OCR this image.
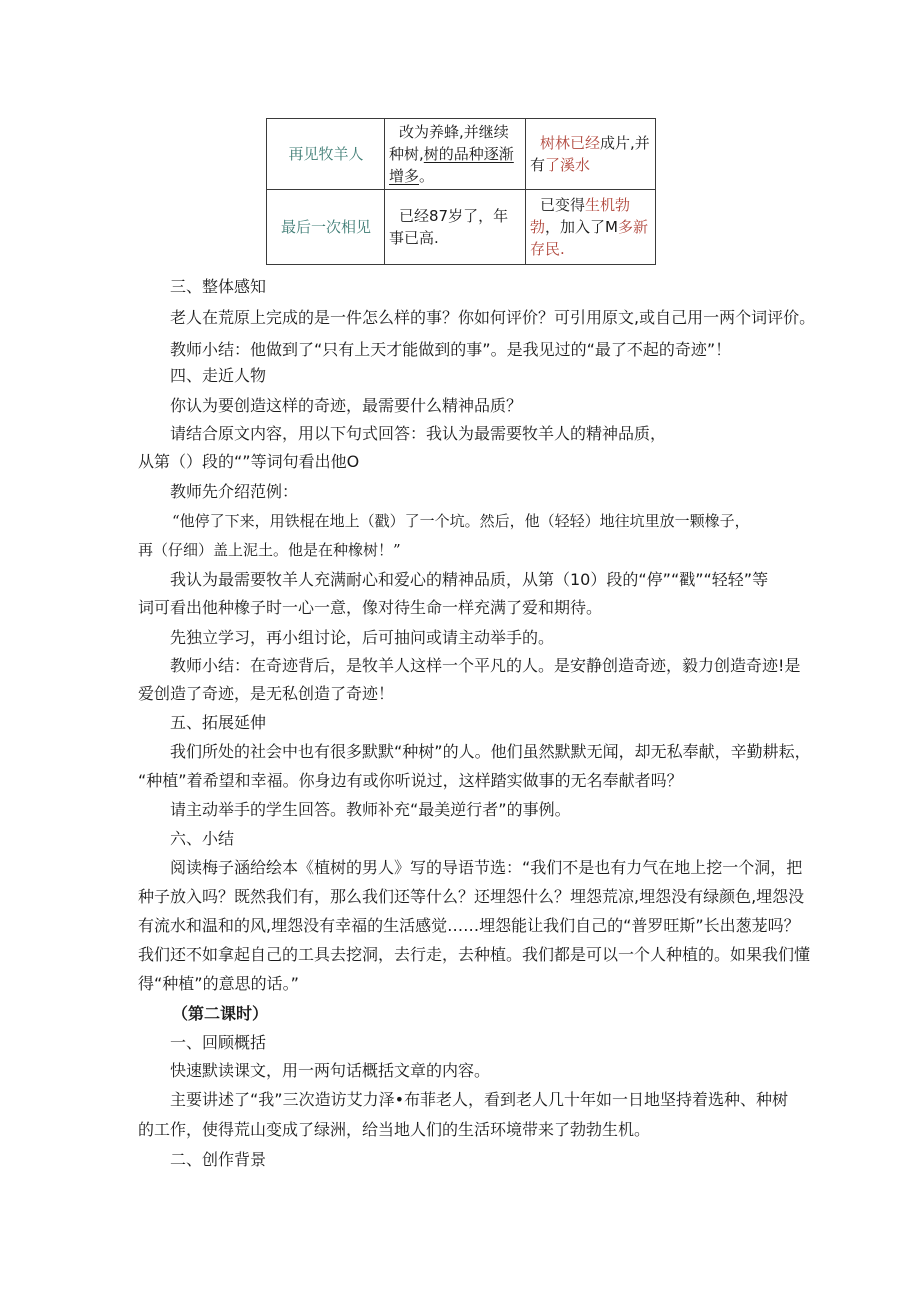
再见牧羊人	改为养蜂,并继续种树,树的品种逐渐增多。	树林已经成片,并有了溪水
最后一次相见	已经87岁了，年事已高.	已变得生机勃勃，加入了M多新存民.
三、整体感知
老人在荒原上完成的是一件怎么样的事？你如何评价？可引用原文,或自己用一两个词评价。
教师小结：他做到了“只有上天才能做到的事”。是我见过的“最了不起的奇迹”！
四、走近人物
你认为要创造这样的奇迹，最需要什么精神品质？
请结合原文内容，用以下句式回答：我认为最需要牧羊人的精神品质，
从第（）段的“”等词句看出他O
教师先介绍范例：
“他停了下来，用铁棍在地上（戳）了一个坑。然后，他（轻轻）地往坑里放一颗橡子，
再（仔细）盖上泥土。他是在种橡树！”
我认为最需要牧羊人充满耐心和爱心的精神品质，从第（10）段的“停”“戳”“轻轻”等
词可看出他种橡子时一心一意，像对待生命一样充满了爱和期待。
先独立学习，再小组讨论，后可抽问或请主动举手的。
教师小结：在奇迹背后，是牧羊人这样一个平凡的人。是安静创造奇迹，毅力创造奇迹!是
爱创造了奇迹，是无私创造了奇迹！
五、拓展延伸
我们所处的社会中也有很多默默“种树”的人。他们虽然默默无闻，却无私奉献，辛勤耕耘，
“种植”着希望和幸福。你身边有或你听说过，这样踏实做事的无名奉献者吗？
请主动举手的学生回答。教师补充“最美逆行者”的事例。
六、小结
阅读梅子涵给绘本《植树的男人》写的导语节选：“我们不是也有力气在地上挖一个洞，把
种子放入吗？既然我们有，那么我们还等什么？还埋怨什么？埋怨荒凉,埋怨没有绿颜色,埋怨没
有流水和温和的风,埋怨没有幸福的生活感觉……埋怨能让我们自己的“普罗旺斯”长出葱茏吗？
我们还不如拿起自己的工具去挖洞，去行走，去种植。我们都是可以一个人种植的。如果我们懂
得“种植”的意思的话。”
（第二课时）
一、回顾概括
快速默读课文，用一两句话概括文章的内容。
主要讲述了“我”三次造访艾力泽•布菲老人，看到老人几十年如一日地坚持着选种、种树
的工作，使得荒山变成了绿洲，给当地人们的生活环境带来了勃勃生机。
二、创作背景
